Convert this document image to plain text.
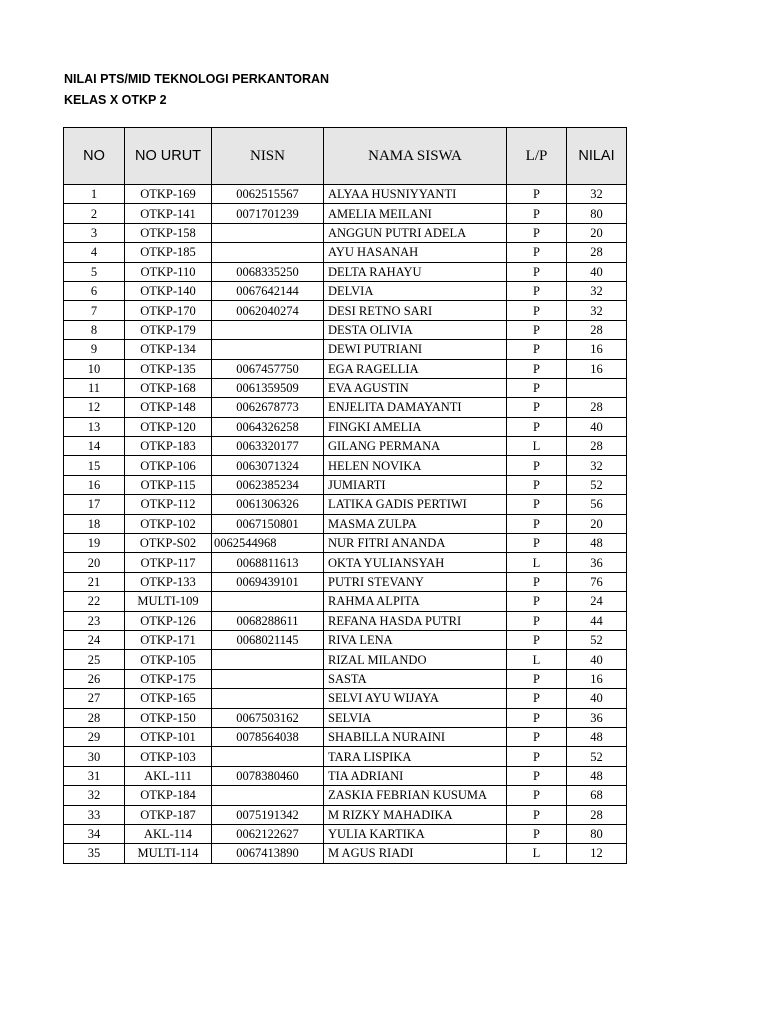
NILAI PTS/MID TEKNOLOGI PERKANTORAN
KELAS X OTKP 2
NO	NO URUT	NISN	NAMA SISWA	L/P	NILAI
1	OTKP-169	0062515567	ALYAA HUSNIYYANTI	P	32
2	OTKP-141	0071701239	AMELIA MEILANI	P	80
3	OTKP-158		ANGGUN PUTRI ADELA	P	20
4	OTKP-185		AYU HASANAH	P	28
5	OTKP-110	0068335250	DELTA RAHAYU	P	40
6	OTKP-140	0067642144	DELVIA	P	32
7	OTKP-170	0062040274	DESI RETNO SARI	P	32
8	OTKP-179		DESTA OLIVIA	P	28
9	OTKP-134		DEWI PUTRIANI	P	16
10	OTKP-135	0067457750	EGA RAGELLIA	P	16
11	OTKP-168	0061359509	EVA AGUSTIN	P	
12	OTKP-148	0062678773	ENJELITA DAMAYANTI	P	28
13	OTKP-120	0064326258	FINGKI AMELIA	P	40
14	OTKP-183	0063320177	GILANG PERMANA	L	28
15	OTKP-106	0063071324	HELEN NOVIKA	P	32
16	OTKP-115	0062385234	JUMIARTI	P	52
17	OTKP-112	0061306326	LATIKA GADIS PERTIWI	P	56
18	OTKP-102	0067150801	MASMA ZULPA	P	20
19	OTKP-S02	0062544968	NUR FITRI ANANDA	P	48
20	OTKP-117	0068811613	OKTA YULIANSYAH	L	36
21	OTKP-133	0069439101	PUTRI STEVANY	P	76
22	MULTI-109		RAHMA ALPITA	P	24
23	OTKP-126	0068288611	REFANA HASDA PUTRI	P	44
24	OTKP-171	0068021145	RIVA LENA	P	52
25	OTKP-105		RIZAL MILANDO	L	40
26	OTKP-175		SASTA	P	16
27	OTKP-165		SELVI AYU WIJAYA	P	40
28	OTKP-150	0067503162	SELVIA	P	36
29	OTKP-101	0078564038	SHABILLA NURAINI	P	48
30	OTKP-103		TARA LISPIKA	P	52
31	AKL-111	0078380460	TIA ADRIANI	P	48
32	OTKP-184		ZASKIA FEBRIAN KUSUMA	P	68
33	OTKP-187	0075191342	M RIZKY MAHADIKA	P	28
34	AKL-114	0062122627	YULIA KARTIKA	P	80
35	MULTI-114	0067413890	M AGUS RIADI	L	12
